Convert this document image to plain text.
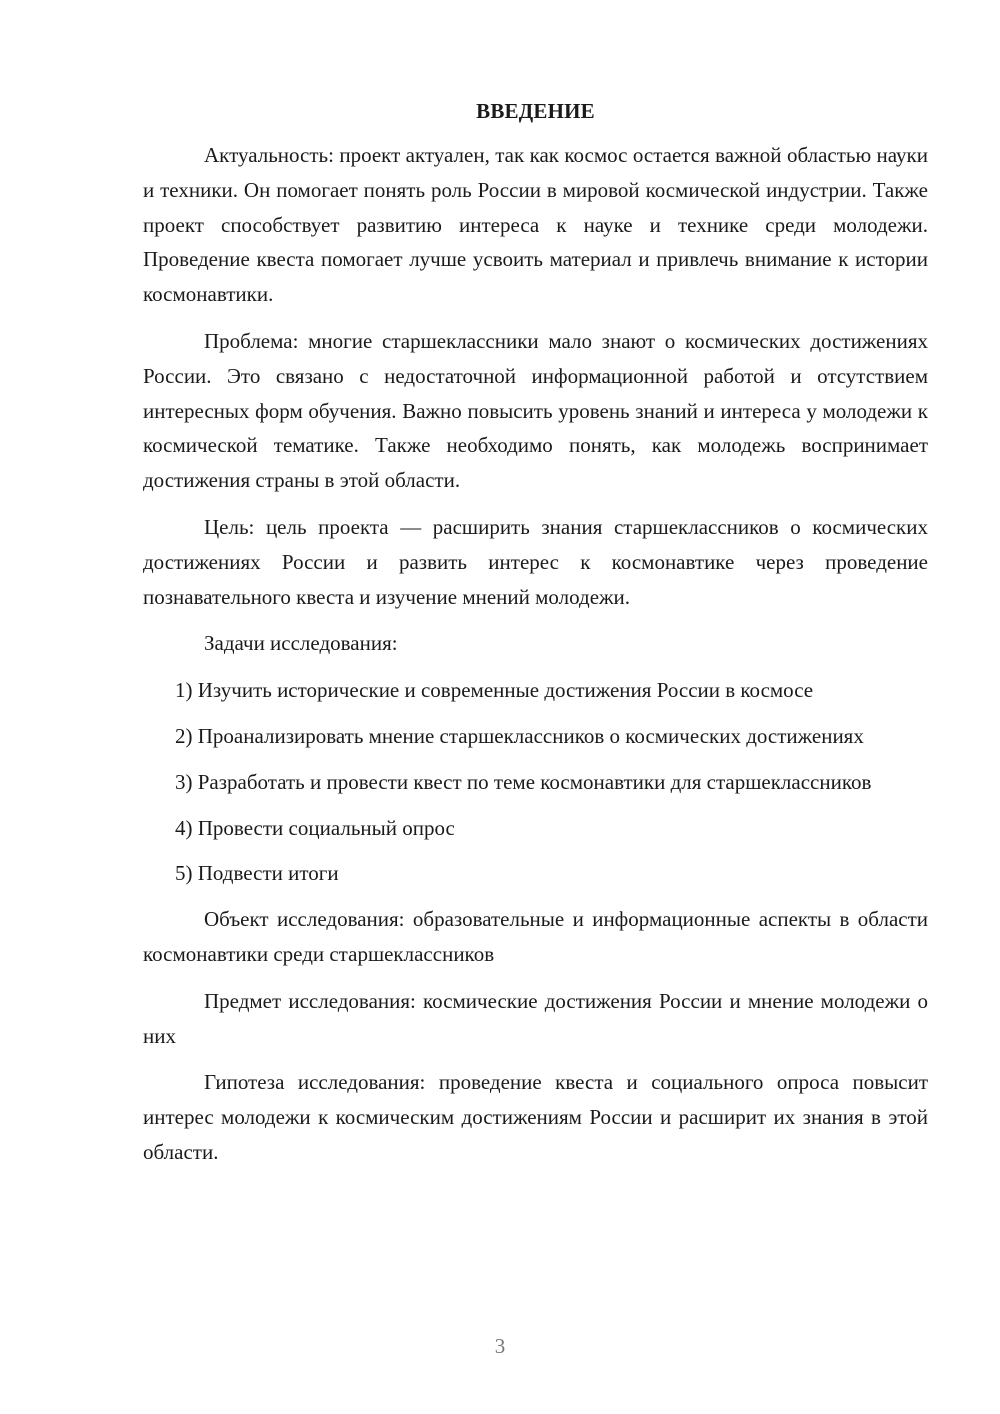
ВВЕДЕНИЕ

Актуальность: проект актуален, так как космос остается важной областью науки и техники. Он помогает понять роль России в мировой космической индустрии. Также проект способствует развитию интереса к науке и технике среди молодежи. Проведение квеста помогает лучше усвоить материал и привлечь внимание к истории космонавтики.

Проблема: многие старшеклассники мало знают о космических достижениях России. Это связано с недостаточной информационной работой и отсутствием интересных форм обучения. Важно повысить уровень знаний и интереса у молодежи к космической тематике. Также необходимо понять, как молодежь воспринимает достижения страны в этой области.

Цель: цель проекта — расширить знания старшеклассников о космических достижениях России и развить интерес к космонавтике через проведение познавательного квеста и изучение мнений молодежи.

Задачи исследования:

1) Изучить исторические и современные достижения России в космосе

2) Проанализировать мнение старшеклассников о космических достижениях

3) Разработать и провести квест по теме космонавтики для старшеклассников

4) Провести социальный опрос

5) Подвести итоги

Объект исследования: образовательные и информационные аспекты в области космонавтики среди старшеклассников

Предмет исследования: космические достижения России и мнение молодежи о них

Гипотеза исследования: проведение квеста и социального опроса повысит интерес молодежи к космическим достижениям России и расширит их знания в этой области.

3
